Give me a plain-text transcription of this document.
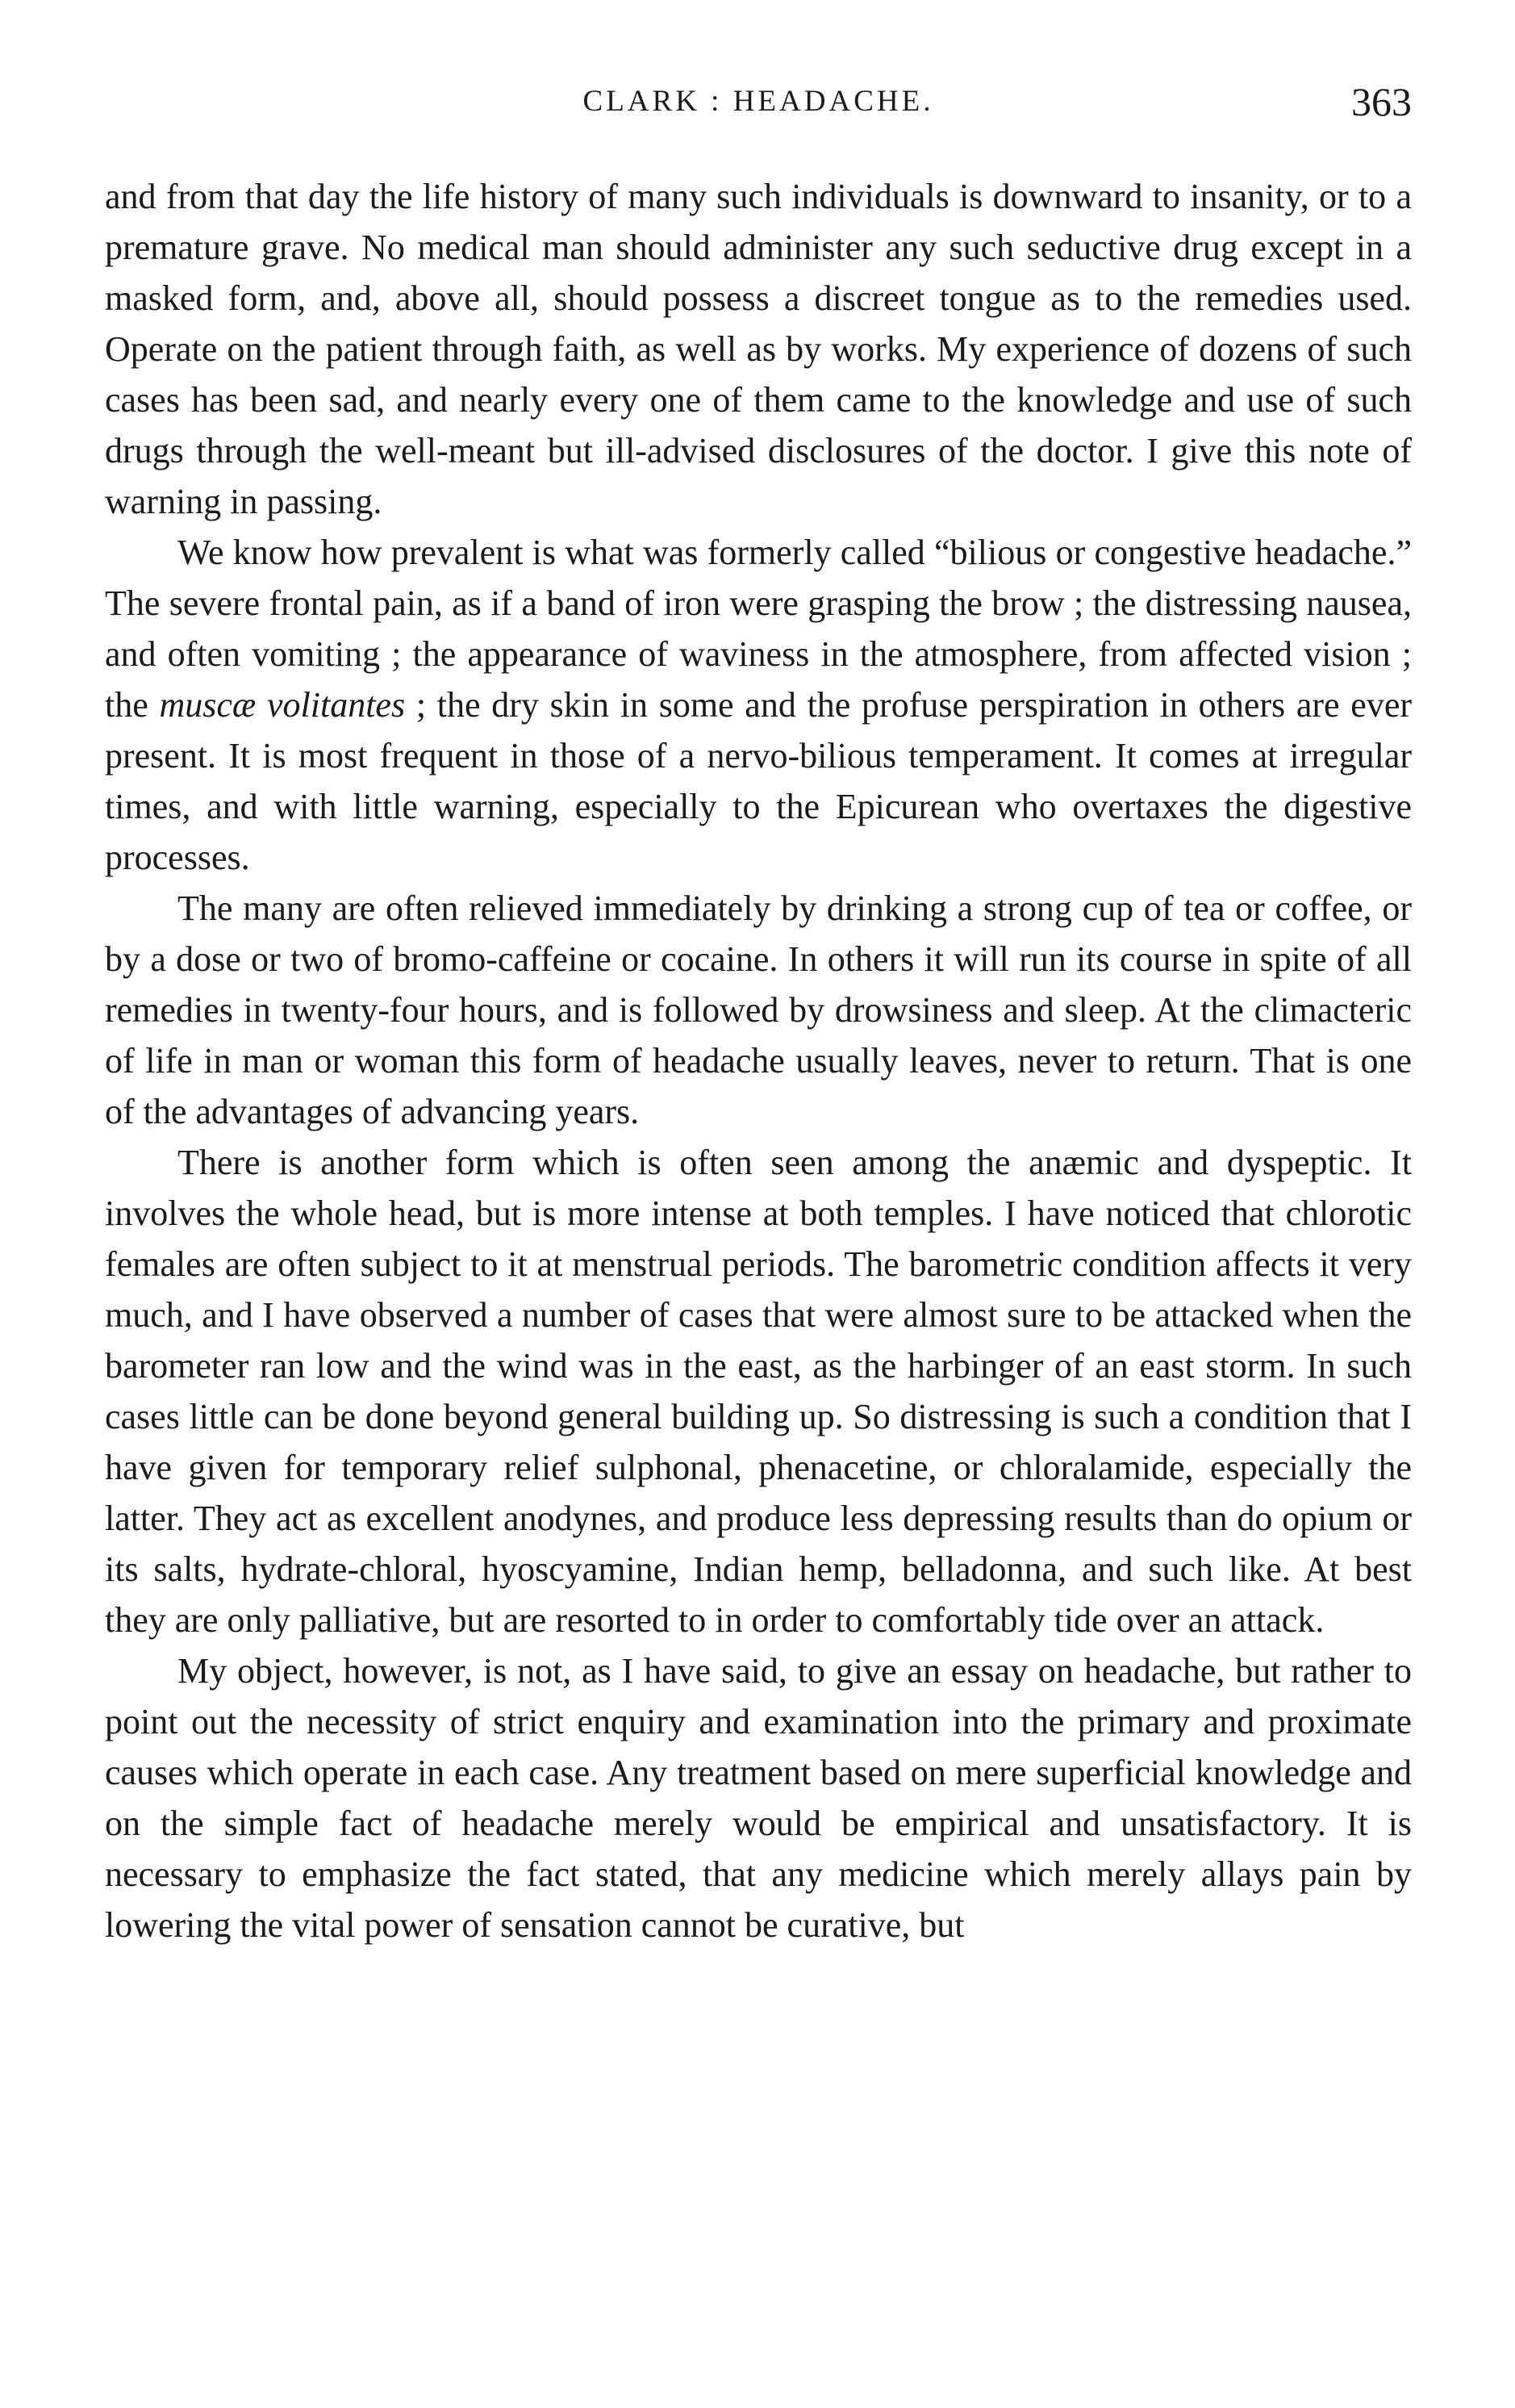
CLARK : HEADACHE.	363

and from that day the life history of many such individuals is downward to insanity, or to a premature grave. No medical man should administer any such seductive drug except in a masked form, and, above all, should possess a discreet tongue as to the remedies used. Operate on the patient through faith, as well as by works. My experience of dozens of such cases has been sad, and nearly every one of them came to the knowledge and use of such drugs through the well-meant but ill-advised disclosures of the doctor. I give this note of warning in passing.

We know how prevalent is what was formerly called “bilious or congestive headache.” The severe frontal pain, as if a band of iron were grasping the brow ; the distressing nausea, and often vomiting ; the appearance of waviness in the atmosphere, from affected vision ; the muscæ volitantes ; the dry skin in some and the profuse perspiration in others are ever present. It is most frequent in those of a nervo-bilious temperament. It comes at irregular times, and with little warning, especially to the Epicurean who overtaxes the digestive processes.

The many are often relieved immediately by drinking a strong cup of tea or coffee, or by a dose or two of bromo-caffeine or cocaine. In others it will run its course in spite of all remedies in twenty-four hours, and is followed by drowsiness and sleep. At the climacteric of life in man or woman this form of headache usually leaves, never to return. That is one of the advantages of advancing years.

There is another form which is often seen among the anæmic and dyspeptic. It involves the whole head, but is more intense at both temples. I have noticed that chlorotic females are often subject to it at menstrual periods. The barometric condition affects it very much, and I have observed a number of cases that were almost sure to be attacked when the barometer ran low and the wind was in the east, as the harbinger of an east storm. In such cases little can be done beyond general building up. So distressing is such a condition that I have given for temporary relief sulphonal, phenacetine, or chloralamide, especially the latter. They act as excellent anodynes, and produce less depressing results than do opium or its salts, hydrate-chloral, hyoscyamine, Indian hemp, belladonna, and such like. At best they are only palliative, but are resorted to in order to comfortably tide over an attack.

My object, however, is not, as I have said, to give an essay on headache, but rather to point out the necessity of strict enquiry and examination into the primary and proximate causes which operate in each case. Any treatment based on mere superficial knowledge and on the simple fact of headache merely would be empirical and unsatisfactory. It is necessary to emphasize the fact stated, that any medicine which merely allays pain by lowering the vital power of sensation cannot be curative, but
